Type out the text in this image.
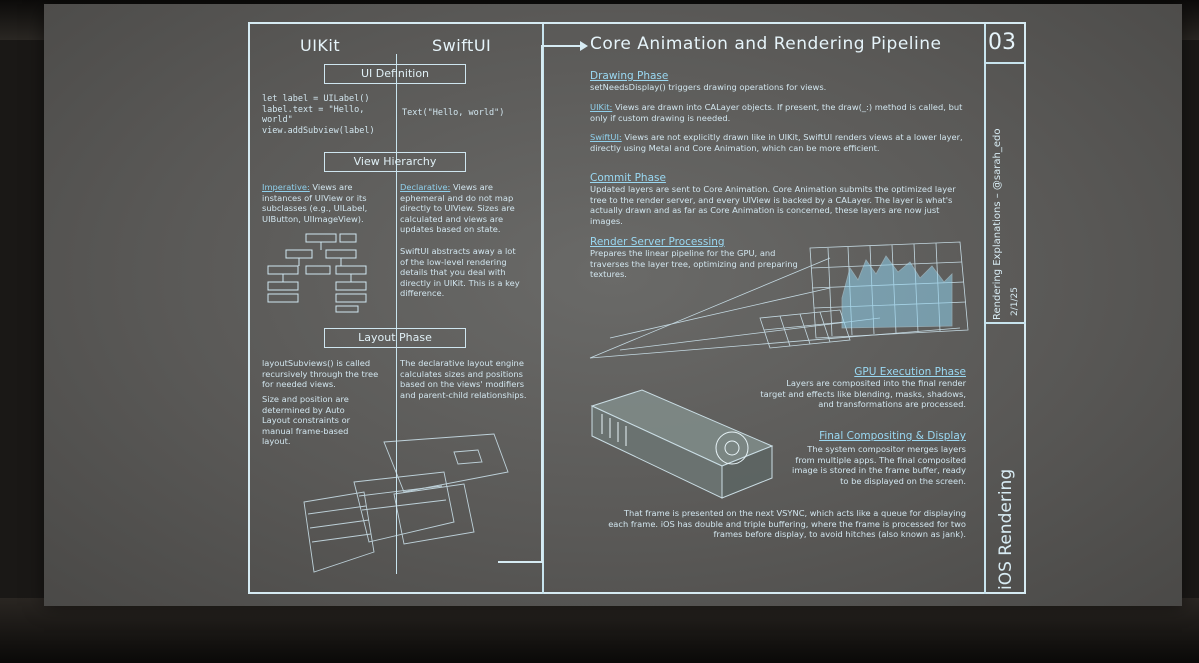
UIKit	SwiftUI	Core Animation and Rendering Pipeline 03
UI Definition
let label = UILabel()
label.text = "Hello,
world"
view.addSubview(label)
Text("Hello, world")
View Hierarchy
Imperative: Views are instances of UIView or its subclasses (e.g., UILabel, UIButton, UIImageView).
Declarative: Views are ephemeral and do not map directly to UIView. Sizes are calculated and views are updates based on state.
SwiftUI abstracts away a lot of the low-level rendering details that you deal with directly in UIKit. This is a key difference.
Layout Phase
layoutSubviews() is called recursively through the tree for needed views.
Size and position are determined by Auto Layout constraints or manual frame-based layout.
The declarative layout engine calculates sizes and positions based on the views' modifiers and parent-child relationships.
Drawing Phase
setNeedsDisplay() triggers drawing operations for views.
UIKit: Views are drawn into CALayer objects. If present, the draw(_:) method is called, but only if custom drawing is needed.
SwiftUI: Views are not explicitly drawn like in UIKit, SwiftUI renders views at a lower layer, directly using Metal and Core Animation, which can be more efficient.
Commit Phase
Updated layers are sent to Core Animation. Core Animation submits the optimized layer tree to the render server, and every UIView is backed by a CALayer. The layer is what's actually drawn and as far as Core Animation is concerned, these layers are now just images.
Render Server Processing
Prepares the linear pipeline for the GPU, and traverses the layer tree, optimizing and preparing textures.
GPU Execution Phase
Layers are composited into the final render target and effects like blending, masks, shadows, and transformations are processed.
Final Compositing & Display
The system compositor merges layers from multiple apps. The final composited image is stored in the frame buffer, ready to be displayed on the screen.
That frame is presented on the next VSYNC, which acts like a queue for displaying each frame. iOS has double and triple buffering, where the frame is processed for two frames before display, to avoid hitches (also known as jank).
Rendering Explanations – @sarah_edo 2/1/25
iOS Rendering
